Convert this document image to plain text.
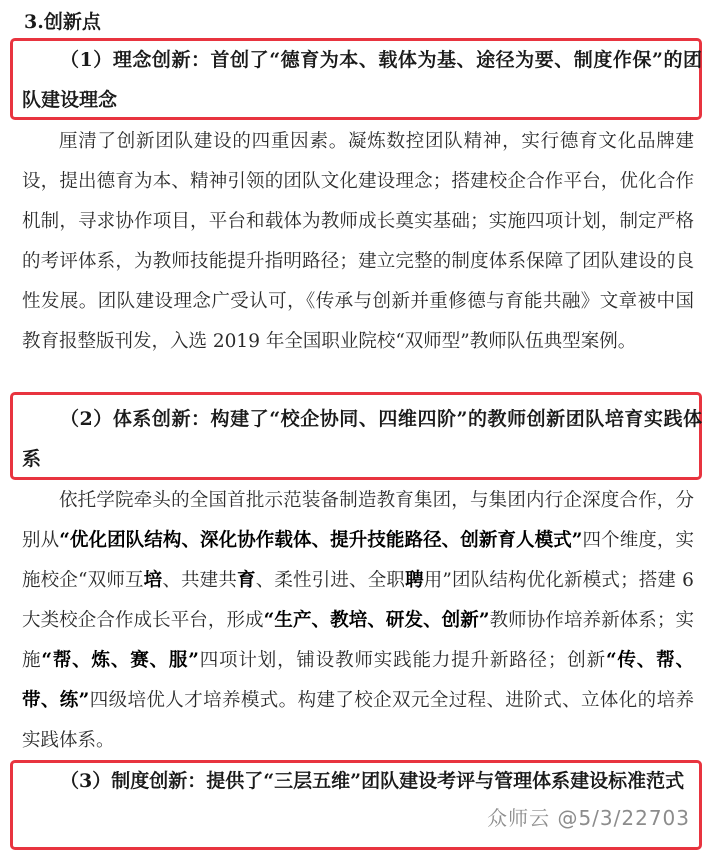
3.创新点

（1）理念创新：首创了“德育为本、载体为基、途径为要、制度作保”的团队建设理念

厘清了创新团队建设的四重因素。凝炼数控团队精神，实行德育文化品牌建设，提出德育为本、精神引领的团队文化建设理念；搭建校企合作平台，优化合作机制，寻求协作项目，平台和载体为教师成长奠实基础；实施四项计划，制定严格的考评体系，为教师技能提升指明路径；建立完整的制度体系保障了团队建设的良性发展。团队建设理念广受认可，《传承与创新并重修德与育能共融》文章被中国教育报整版刊发，入选 2019 年全国职业院校“双师型”教师队伍典型案例。

（2）体系创新：构建了“校企协同、四维四阶”的教师创新团队培育实践体系

依托学院牵头的全国首批示范装备制造教育集团，与集团内行企深度合作，分别从“优化团队结构、深化协作载体、提升技能路径、创新育人模式”四个维度，实施校企“双师互培、共建共育、柔性引进、全职聘用”团队结构优化新模式；搭建 6 大类校企合作成长平台，形成“生产、教培、研发、创新”教师协作培养新体系；实施“帮、炼、赛、服”四项计划，铺设教师实践能力提升新路径；创新“传、帮、带、练”四级培优人才培养模式。构建了校企双元全过程、进阶式、立体化的培养实践体系。

（3）制度创新：提供了“三层五维”团队建设考评与管理体系建设标准范式

众师云 @5/3/22703
